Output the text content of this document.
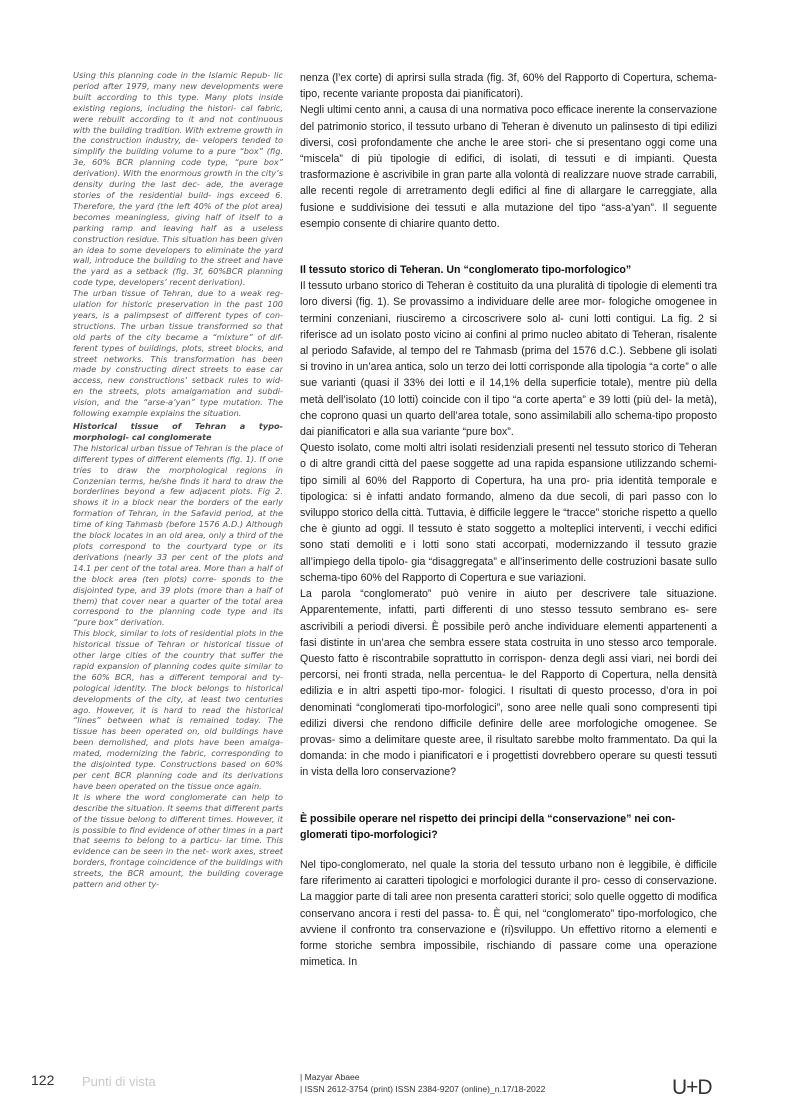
Using this planning code in the Islamic Repub- lic period after 1979, many new developments were built according to this type. Many plots inside existing regions, including the histori- cal fabric, were rebuilt according to it and not continuous with the building tradition. With extreme growth in the construction industry, de- velopers tended to simplify the building volume to a pure “box” (fig. 3e, 60% BCR planning code type, “pure box” derivation). With the enormous growth in the city’s density during the last dec- ade, the average stories of the residential build- ings exceed 6. Therefore, the yard (the left 40% of the plot area) becomes meaningless, giving half of itself to a parking ramp and leaving half as a useless construction residue. This situation has been given an idea to some developers to eliminate the yard wall, introduce the building to the street and have the yard as a setback (fig. 3f, 60%BCR planning code type, developers’ recent derivation).

The urban tissue of Tehran, due to a weak reg- ulation for historic preservation in the past 100 years, is a palimpsest of different types of con- structions. The urban tissue transformed so that old parts of the city became a “mixture” of dif- ferent types of buildings, plots, street blocks, and street networks. This transformation has been made by constructing direct streets to ease car access, new constructions’ setback rules to wid- en the streets, plots amalgamation and subdi- vision, and the “arse-a’yan” type mutation. The following example explains the situation.

Historical tissue of Tehran a typo-morphologi- cal conglomerate

The historical urban tissue of Tehran is the place of different types of different elements (fig. 1). If one tries to draw the morphological regions in Conzenian terms, he/she finds it hard to draw the borderlines beyond a few adjacent plots. Fig 2. shows it in a block near the borders of the early formation of Tehran, in the Safavid period, at the time of king Tahmasb (before 1576 A.D.) Although the block locates in an old area, only a third of the plots correspond to the courtyard type or its derivations (nearly 33 per cent of the plots and 14.1 per cent of the total area. More than a half of the block area (ten plots) corre- sponds to the disjointed type, and 39 plots (more than a half of them) that cover near a quarter of the total area correspond to the planning code type and its “pure box” derivation.

This block, similar to lots of residential plots in the historical tissue of Tehran or historical tissue of other large cities of the country that suffer the rapid expansion of planning codes quite similar to the 60% BCR, has a different temporal and ty- pological identity. The block belongs to historical developments of the city, at least two centuries ago. However, it is hard to read the historical “lines” between what is remained today. The tissue has been operated on, old buildings have been demolished, and plots have been amalga- mated, modernizing the fabric, corresponding to the disjointed type. Constructions based on 60% per cent BCR planning code and its derivations have been operated on the tissue once again.

It is where the word conglomerate can help to describe the situation. It seems that different parts of the tissue belong to different times. However, it is possible to find evidence of other times in a part that seems to belong to a particu- lar time. This evidence can be seen in the net- work axes, street borders, frontage coincidence of the buildings with streets, the BCR amount, the building coverage pattern and other ty-

nenza (l’ex corte) di aprirsi sulla strada (fig. 3f, 60% del Rapporto di Copertura, schema-tipo, recente variante proposta dai pianificatori).

Negli ultimi cento anni, a causa di una normativa poco efficace inerente la conservazione del patrimonio storico, il tessuto urbano di Teheran è divenuto un palinsesto di tipi edilizi diversi, così profondamente che anche le aree stori- che si presentano oggi come una “miscela” di più tipologie di edifici, di isolati, di tessuti e di impianti. Questa trasformazione è ascrivibile in gran parte alla volontà di realizzare nuove strade carrabili, alle recenti regole di arretramento degli edifici al fine di allargare le carreggiate, alla fusione e suddivisione dei tessuti e alla mutazione del tipo “ass-a’yan”. Il seguente esempio consente di chiarire quanto detto.

Il tessuto storico di Teheran. Un “conglomerato tipo-morfologico”

Il tessuto urbano storico di Teheran è costituito da una pluralità di tipologie di elementi tra loro diversi (fig. 1). Se provassimo a individuare delle aree mor- fologiche omogenee in termini conzeniani, riusciremo a circoscrivere solo al- cuni lotti contigui. La fig. 2 si riferisce ad un isolato posto vicino ai confini al primo nucleo abitato di Teheran, risalente al periodo Safavide, al tempo del re Tahmasb (prima del 1576 d.C.). Sebbene gli isolati si trovino in un’area antica, solo un terzo dei lotti corrisponde alla tipologia “a corte” o alle sue varianti (quasi il 33% dei lotti e il 14,1% della superficie totale), mentre più della metà dell’isolato (10 lotti) coincide con il tipo “a corte aperta” e 39 lotti (più del- la metà), che coprono quasi un quarto dell’area totale, sono assimilabili allo schema-tipo proposto dai pianificatori e alla sua variante “pure box”.

Questo isolato, come molti altri isolati residenziali presenti nel tessuto storico di Teheran o di altre grandi città del paese soggette ad una rapida espansione utilizzando schemi-tipo simili al 60% del Rapporto di Copertura, ha una pro- pria identità temporale e tipologica: si è infatti andato formando, almeno da due secoli, di pari passo con lo sviluppo storico della città. Tuttavia, è difficile leggere le “tracce” storiche rispetto a quello che è giunto ad oggi. Il tessuto è stato soggetto a molteplici interventi, i vecchi edifici sono stati demoliti e i lotti sono stati accorpati, modernizzando il tessuto grazie all’impiego della tipolo- gia “disaggregata” e all’inserimento delle costruzioni basate sullo schema-tipo 60% del Rapporto di Copertura e sue variazioni.

La parola “conglomerato” può venire in aiuto per descrivere tale situazione. Apparentemente, infatti, parti differenti di uno stesso tessuto sembrano es- sere ascrivibili a periodi diversi. È possibile però anche individuare elementi appartenenti a fasi distinte in un’area che sembra essere stata costruita in uno stesso arco temporale. Questo fatto è riscontrabile soprattutto in corrispon- denza degli assi viari, nei bordi dei percorsi, nei fronti strada, nella percentua- le del Rapporto di Copertura, nella densità edilizia e in altri aspetti tipo-mor- fologici. I risultati di questo processo, d’ora in poi denominati “conglomerati tipo-morfologici”, sono aree nelle quali sono compresenti tipi edilizi diversi che rendono difficile definire delle aree morfologiche omogenee. Se provas- simo a delimitare queste aree, il risultato sarebbe molto frammentato. Da qui la domanda: in che modo i pianificatori e i progettisti dovrebbero operare su questi tessuti in vista della loro conservazione?

È possibile operare nel rispetto dei principi della “conservazione” nei con- glomerati tipo-morfologici?

Nel tipo-conglomerato, nel quale la storia del tessuto urbano non è leggibile, è difficile fare riferimento ai caratteri tipologici e morfologici durante il pro- cesso di conservazione. La maggior parte di tali aree non presenta caratteri storici; solo quelle oggetto di modifica conservano ancora i resti del passa- to. È qui, nel “conglomerato” tipo-morfologico, che avviene il confronto tra conservazione e (ri)sviluppo. Un effettivo ritorno a elementi e forme storiche sembra impossibile, rischiando di passare come una operazione mimetica. In

122 Punti di vista	| Mazyar Abaee
| ISSN 2612-3754 (print) ISSN 2384-9207 (online)_n.17/18-2022	U+D
